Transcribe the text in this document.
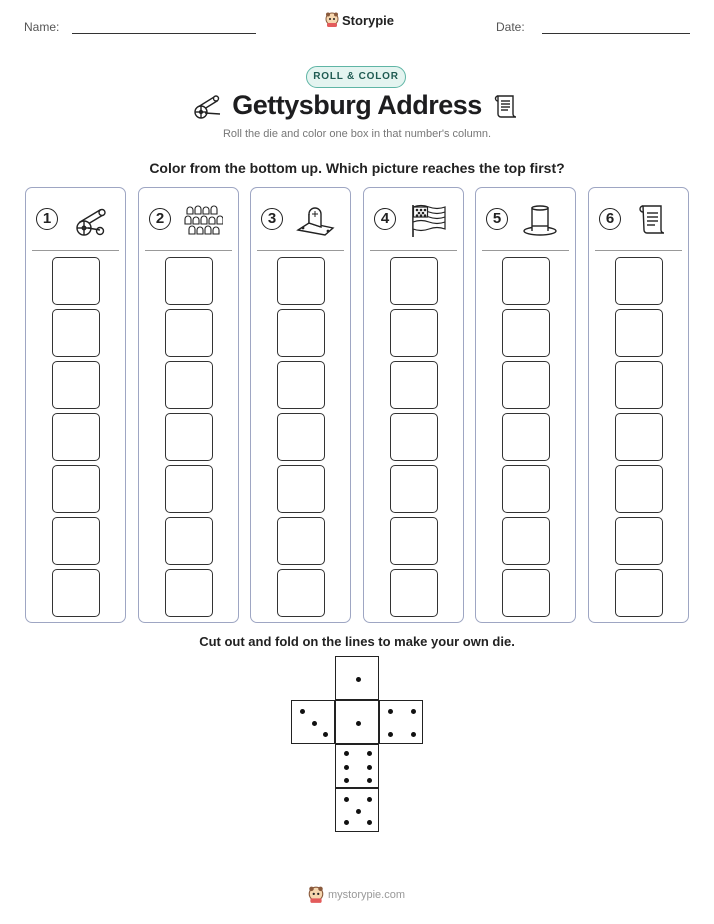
Name:	Storypie	Date:
ROLL & COLOR
Gettysburg Address
Roll the die and color one box in that number's column.
Color from the bottom up. Which picture reaches the top first?
1	2	3	4	5	6
Cut out and fold on the lines to make your own die.
mystorypie.com
